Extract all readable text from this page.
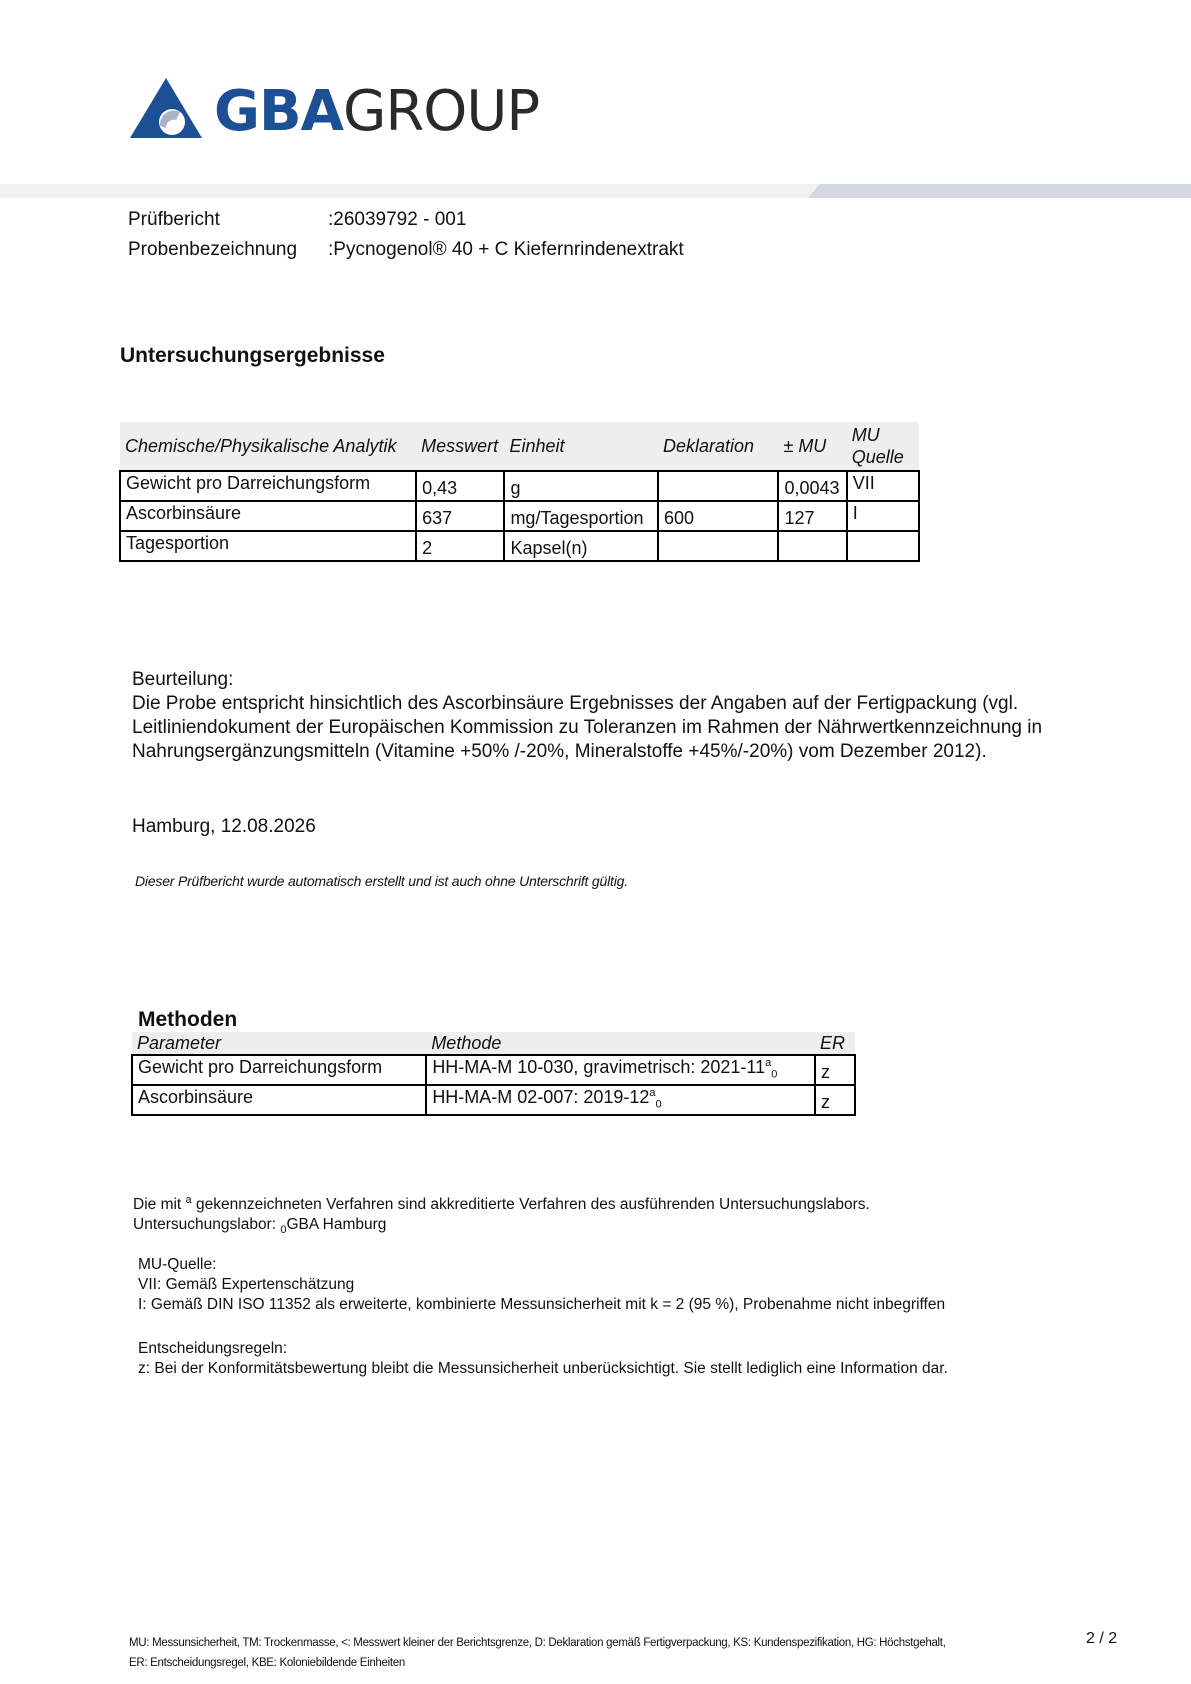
GBAGROUP
Prüfbericht	:26039792 - 001
Probenbezeichnung :Pycnogenol® 40 + C Kiefernrindenextrakt
Untersuchungsergebnisse
Chemische/Physikalische Analytik	Messwert	Einheit	Deklaration	± MU	MU Quelle
Gewicht pro Darreichungsform	0,43	g		0,0043	VII
Ascorbinsäure	637	mg/Tagesportion	600	127	I
Tagesportion	2	Kapsel(n)			
Beurteilung:
Die Probe entspricht hinsichtlich des Ascorbinsäure Ergebnisses der Angaben auf der Fertigpackung (vgl. Leitliniendokument der Europäischen Kommission zu Toleranzen im Rahmen der Nährwertkennzeichnung in Nahrungsergänzungsmitteln (Vitamine +50% /-20%, Mineralstoffe +45%/-20%) vom Dezember 2012).
Hamburg, 12.08.2026
Dieser Prüfbericht wurde automatisch erstellt und ist auch ohne Unterschrift gültig.
Methoden
Parameter	Methode	ER
Gewicht pro Darreichungsform	HH-MA-M 10-030, gravimetrisch: $2021-11^a_0$	z
Ascorbinsäure	HH-MA-M 02-007: $2019-12^a_0$	z
Die mit $^a$ gekennzeichneten Verfahren sind akkreditierte Verfahren des ausführenden Untersuchungslabors.
Untersuchungslabor: $_0$GBA Hamburg
MU-Quelle:
VII: Gemäß Expertenschätzung
I: Gemäß DIN ISO 11352 als erweiterte, kombinierte Messunsicherheit mit k = 2 (95 %), Probenahme nicht inbegriffen
Entscheidungsregeln:
z: Bei der Konformitätsbewertung bleibt die Messunsicherheit unberücksichtigt. Sie stellt lediglich eine Information dar.
MU: Messunsicherheit, TM: Trockenmasse, <: Messwert kleiner der Berichtsgrenze, D: Deklaration gemäß Fertigverpackung, KS: Kundenspezifikation, HG: Höchstgehalt,
ER: Entscheidungsregel, KBE: Koloniebildende Einheiten
2 / 2
